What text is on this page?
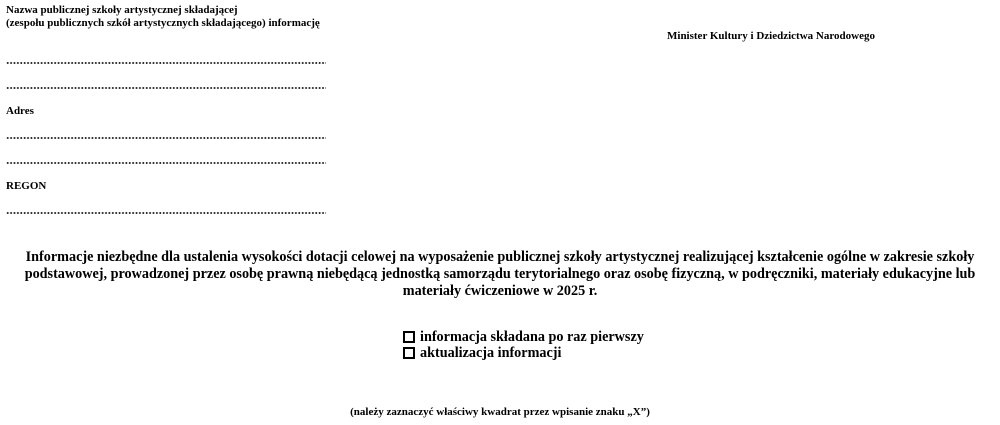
Nazwa publicznej szkoły artystycznej składającej
(zespołu publicznych szkół artystycznych składającego) informację
Minister Kultury i Dziedzictwa Narodowego
Adres
REGON
Informacje niezbędne dla ustalenia wysokości dotacji celowej na wyposażenie publicznej szkoły artystycznej realizującej kształcenie ogólne w zakresie szkoły podstawowej, prowadzonej przez osobę prawną niebędącą jednostką samorządu terytorialnego oraz osobę fizyczną, w podręczniki, materiały edukacyjne lub materiały ćwiczeniowe w 2025 r.
informacja składana po raz pierwszy
aktualizacja informacji
(należy zaznaczyć właściwy kwadrat przez wpisanie znaku „X”)
